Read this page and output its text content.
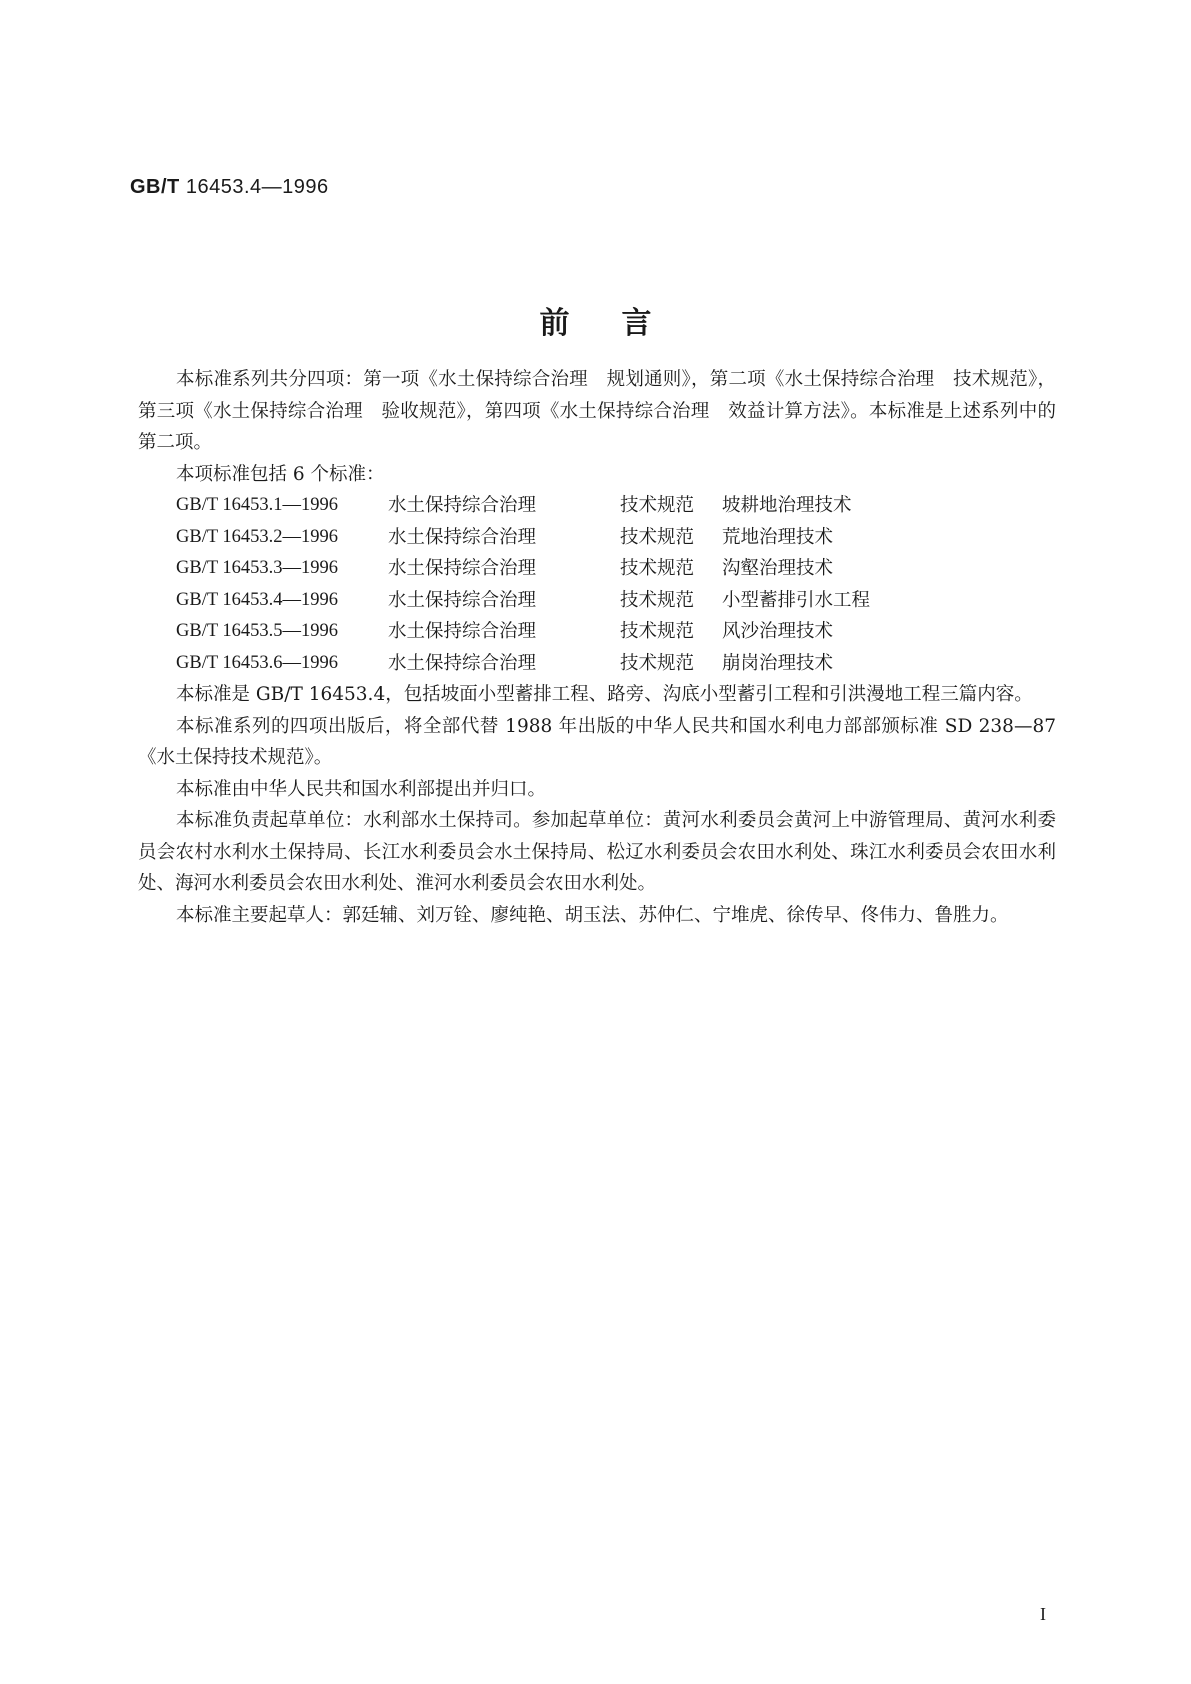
GB/T 16453.4—1996
前言

本标准系列共分四项：第一项《水土保持综合治理　规划通则》，第二项《水土保持综合治理　技术规范》，第三项《水土保持综合治理　验收规范》，第四项《水土保持综合治理　效益计算方法》。本标准是上述系列中的第二项。

本项标准包括 6 个标准：

GB/T 16453.1—1996	水土保持综合治理	技术规范	坡耕地治理技术
GB/T 16453.2—1996	水土保持综合治理	技术规范	荒地治理技术
GB/T 16453.3—1996	水土保持综合治理	技术规范	沟壑治理技术
GB/T 16453.4—1996	水土保持综合治理	技术规范	小型蓄排引水工程
GB/T 16453.5—1996	水土保持综合治理	技术规范	风沙治理技术
GB/T 16453.6—1996	水土保持综合治理	技术规范	崩岗治理技术

本标准是 GB/T 16453.4，包括坡面小型蓄排工程、路旁、沟底小型蓄引工程和引洪漫地工程三篇内容。

本标准系列的四项出版后，将全部代替 1988 年出版的中华人民共和国水利电力部部颁标准 SD 238—87《水土保持技术规范》。

本标准由中华人民共和国水利部提出并归口。

本标准负责起草单位：水利部水土保持司。参加起草单位：黄河水利委员会黄河上中游管理局、黄河水利委员会农村水利水土保持局、长江水利委员会水土保持局、松辽水利委员会农田水利处、珠江水利委员会农田水利处、海河水利委员会农田水利处、淮河水利委员会农田水利处。

本标准主要起草人：郭廷辅、刘万铨、廖纯艳、胡玉法、苏仲仁、宁堆虎、徐传早、佟伟力、鲁胜力。

I
